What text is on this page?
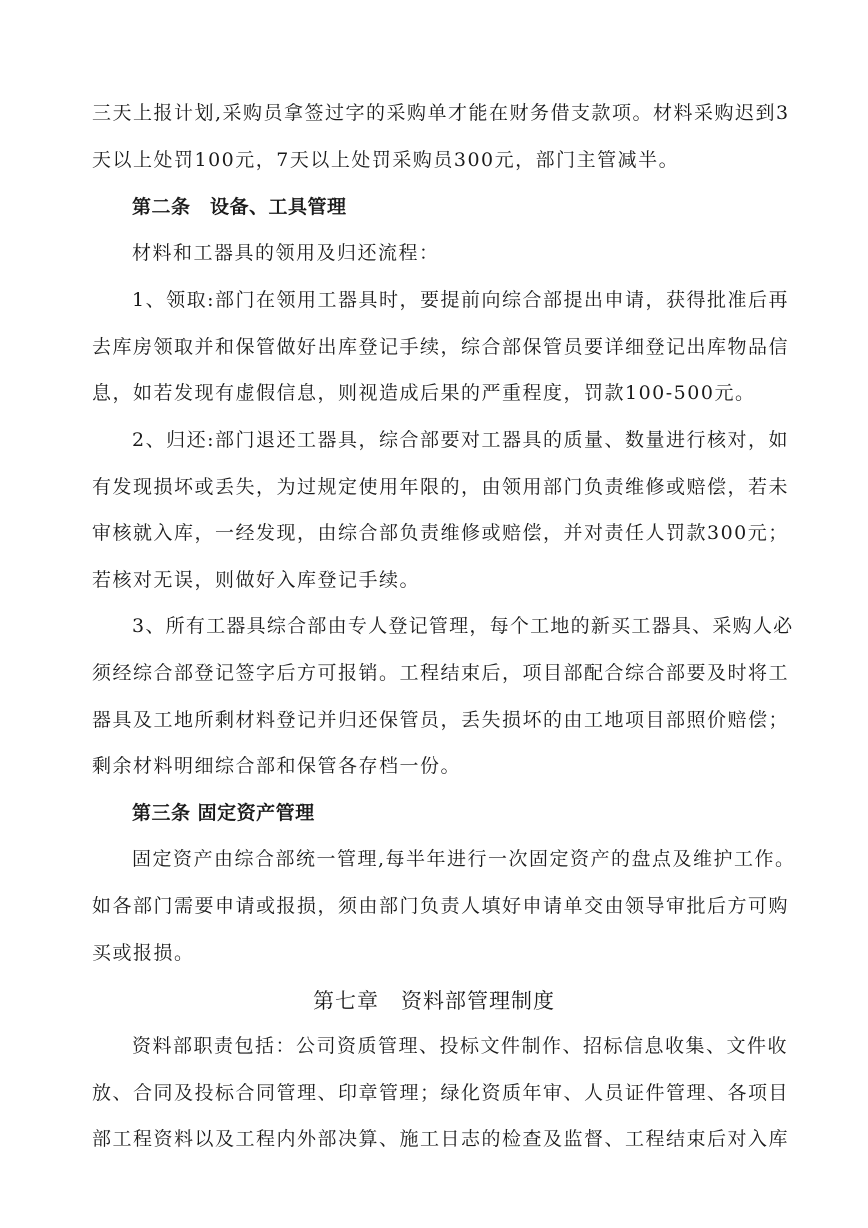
三天上报计划,采购员拿签过字的采购单才能在财务借支款项。材料采购迟到3
天以上处罚100元，7天以上处罚采购员300元，部门主管减半。
第二条　设备、工具管理
材料和工器具的领用及归还流程：
1、领取:部门在领用工器具时，要提前向综合部提出申请，获得批准后再
去库房领取并和保管做好出库登记手续，综合部保管员要详细登记出库物品信
息，如若发现有虚假信息，则视造成后果的严重程度，罚款100-500元。
2、归还:部门退还工器具，综合部要对工器具的质量、数量进行核对，如
有发现损坏或丢失，为过规定使用年限的，由领用部门负责维修或赔偿，若未
审核就入库，一经发现，由综合部负责维修或赔偿，并对责任人罚款300元；
若核对无误，则做好入库登记手续。
3、所有工器具综合部由专人登记管理，每个工地的新买工器具、采购人必
须经综合部登记签字后方可报销。工程结束后，项目部配合综合部要及时将工
器具及工地所剩材料登记并归还保管员，丢失损坏的由工地项目部照价赔偿；
剩余材料明细综合部和保管各存档一份。
第三条 固定资产管理
固定资产由综合部统一管理,每半年进行一次固定资产的盘点及维护工作。
如各部门需要申请或报损，须由部门负责人填好申请单交由领导审批后方可购
买或报损。
第七章　资料部管理制度
资料部职责包括：公司资质管理、投标文件制作、招标信息收集、文件收
放、合同及投标合同管理、印章管理；绿化资质年审、人员证件管理、各项目
部工程资料以及工程内外部决算、施工日志的检查及监督、工程结束后对入库
